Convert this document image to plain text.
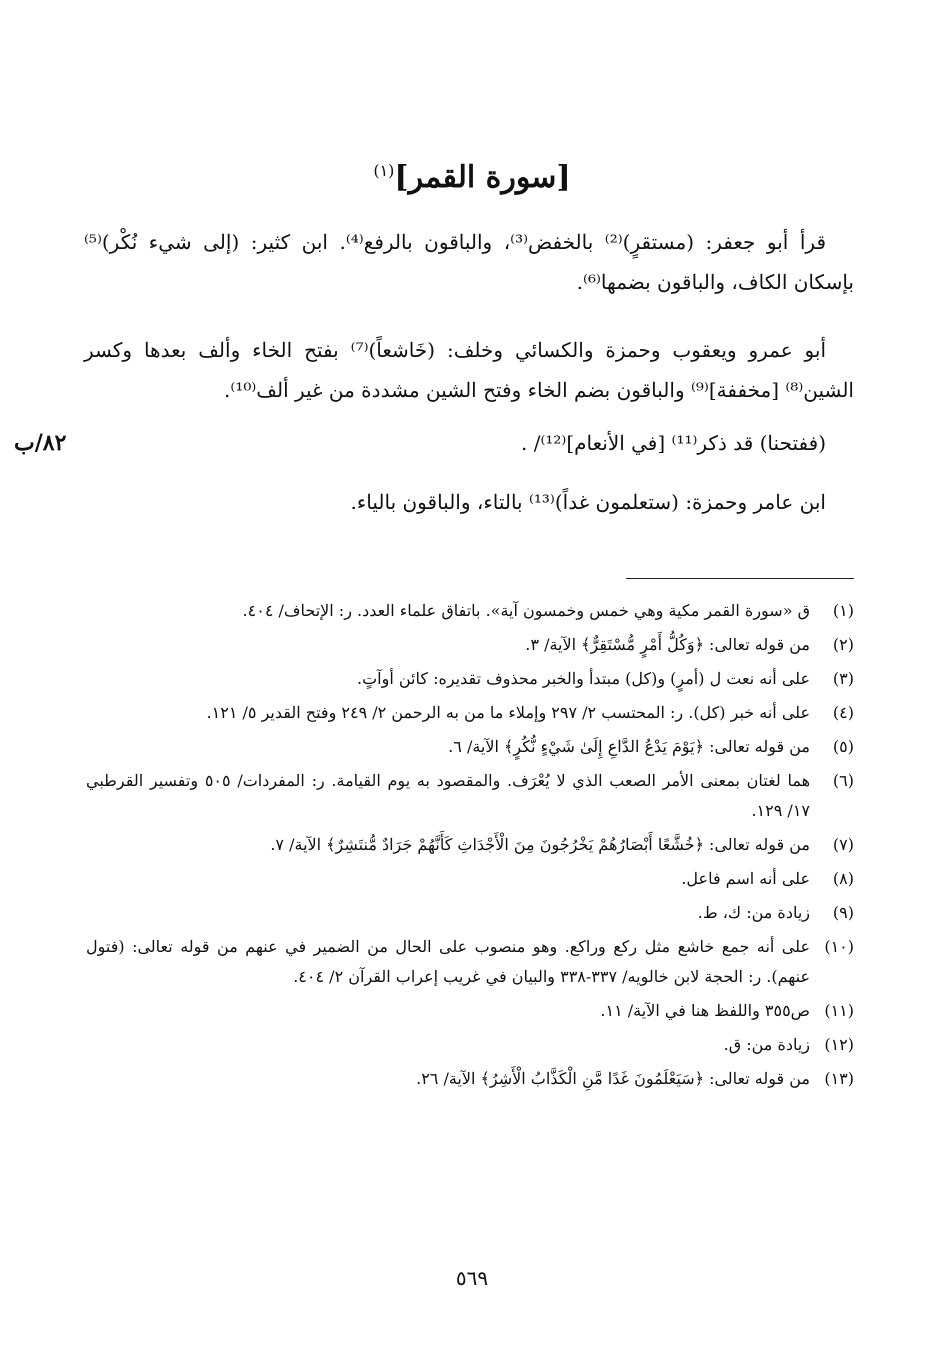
[سورة القمر]$^{(١)}$
قرأ أبو جعفر: (مستقرٍ)⁽²⁾ بالخفض⁽³⁾، والباقون بالرفع⁽⁴⁾. ابن كثير: (إلى شيء نُكْر)⁽⁵⁾ بإسكان الكاف، والباقون بضمها⁽⁶⁾.
أبو عمرو ويعقوب وحمزة والكسائي وخلف: (خَاشعاً)⁽⁷⁾ بفتح الخاء وألف بعدها وكسر الشين⁽⁸⁾ [مخففة]⁽⁹⁾ والباقون بضم الخاء وفتح الشين مشددة من غير ألف⁽¹⁰⁾.
(ففتحنا) قد ذكر⁽¹¹⁾ [في الأنعام]⁽¹²⁾/ .
ابن عامر وحمزة: (ستعلمون غداً)⁽¹³⁾ بالتاء، والباقون بالياء.
٨٢/ب
(١)
ق «سورة القمر مكية وهي خمس وخمسون آية». باتفاق علماء العدد. ر: الإتحاف/ ٤٠٤.
(٢)
من قوله تعالى: ﴿وَكُلُّ أَمْرٍ مُّسْتَقِرٌّ﴾ الآية/ ٣.
(٣)
على أنه نعت ل (أمرٍ) و(كل) مبتدأ والخبر محذوف تقديره: كائن أوآتٍ.
(٤)
على أنه خبر (كل). ر: المحتسب ٢/ ٢٩٧ وإملاء ما من به الرحمن ٢/ ٢٤٩ وفتح القدير ٥/ ١٢١.
(٥)
من قوله تعالى: ﴿يَوْمَ يَدْعُ الدَّاعِ إِلَىٰ شَيْءٍ نُّكُرٍ﴾ الآية/ ٦.
(٦)
هما لغتان بمعنى الأمر الصعب الذي لا يُعْرَف. والمقصود به يوم القيامة. ر: المفردات/ ٥٠٥ وتفسير القرطبي ١٧/ ١٢٩.
(٧)
من قوله تعالى: ﴿خُشَّعًا أَبْصَارُهُمْ يَخْرُجُونَ مِنَ الْأَجْدَاثِ كَأَنَّهُمْ جَرَادٌ مُّنتَشِرٌ﴾ الآية/ ٧.
(٨)
على أنه اسم فاعل.
(٩)
زيادة من: ك، ط.
(١٠)
على أنه جمع خاشع مثل ركع وراكع. وهو منصوب على الحال من الضمير في عنهم من قوله تعالى: (فتول عنهم). ر: الحجة لابن خالويه/ ٣٣٧-٣٣٨ والبيان في غريب إعراب القرآن ٢/ ٤٠٤.
(١١)
ص٣٥٥ واللفظ هنا في الآية/ ١١.
(١٢)
زيادة من: ق.
(١٣)
من قوله تعالى: ﴿سَيَعْلَمُونَ غَدًا مَّنِ الْكَذَّابُ الْأَشِرُ﴾ الآية/ ٢٦.
٥٦٩
